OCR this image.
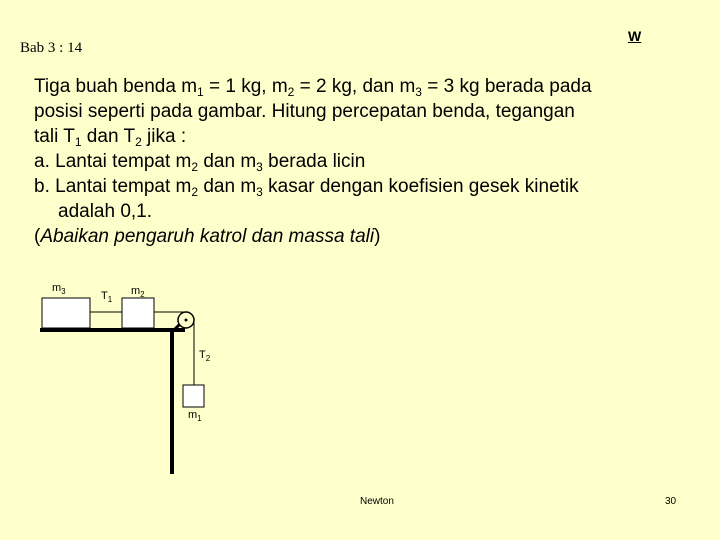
Bab 3 : 14
W
Tiga buah benda $m_1 = 1$ kg, $m_2 = 2$ kg, dan $m_3 = 3$ kg berada pada
posisi seperti pada gambar. Hitung percepatan benda, tegangan
tali $T_1$ dan $T_2$ jika :
a. Lantai tempat $m_2$ dan $m_3$ berada licin
b. Lantai tempat $m_2$ dan $m_3$ kasar dengan koefisien gesek kinetik
adalah 0,1.
(Abaikan pengaruh katrol dan massa tali)
$m_3$	$T_1$
$m_2$
$T_2$
$m_1$
Newton	30
